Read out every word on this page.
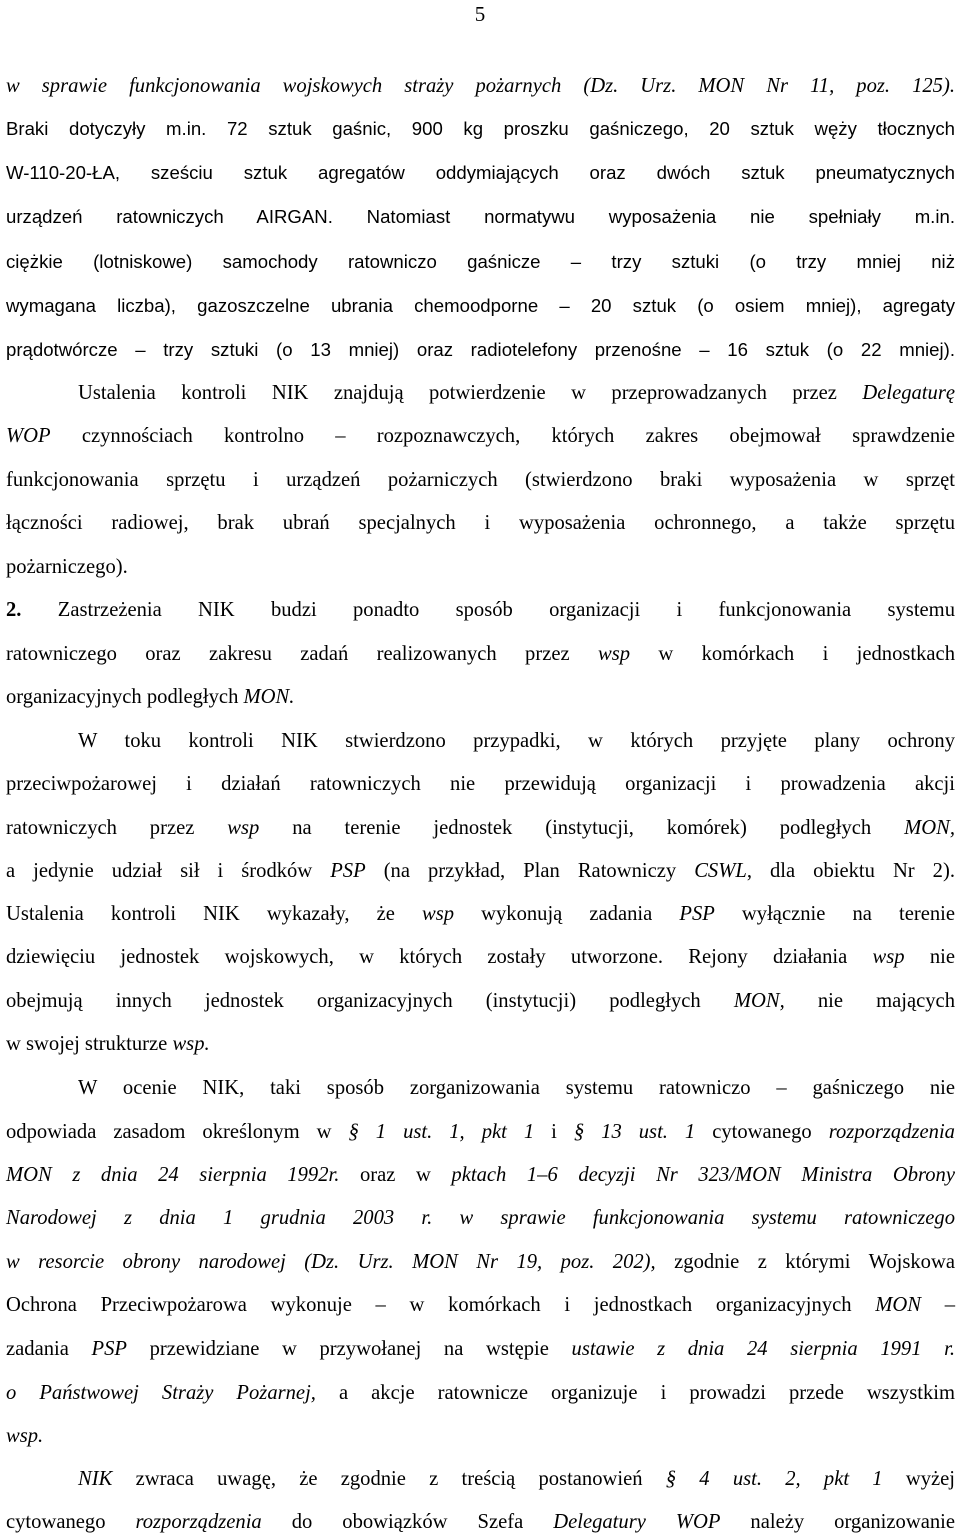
5
w sprawie funkcjonowania wojskowych straży pożarnych (Dz. Urz. MON Nr 11, poz. 125).
Braki dotyczyły m.in. 72 sztuk gaśnic, 900 kg proszku gaśniczego, 20 sztuk węży tłocznych
W-110-20-ŁA, sześciu sztuk agregatów oddymiających oraz dwóch sztuk pneumatycznych
urządzeń ratowniczych AIRGAN. Natomiast normatywu wyposażenia nie spełniały m.in.
ciężkie (lotniskowe) samochody ratowniczo gaśnicze – trzy sztuki (o trzy mniej niż
wymagana liczba), gazoszczelne ubrania chemoodporne – 20 sztuk (o osiem mniej), agregaty
prądotwórcze – trzy sztuki (o 13 mniej) oraz radiotelefony przenośne – 16 sztuk (o 22 mniej).
Ustalenia kontroli NIK znajdują potwierdzenie w przeprowadzanych przez Delegaturę
WOP czynnościach kontrolno – rozpoznawczych, których zakres obejmował sprawdzenie
funkcjonowania sprzętu i urządzeń pożarniczych (stwierdzono braki wyposażenia w sprzęt
łączności radiowej, brak ubrań specjalnych i wyposażenia ochronnego, a także sprzętu
pożarniczego).
2. Zastrzeżenia NIK budzi ponadto sposób organizacji i funkcjonowania systemu
ratowniczego oraz zakresu zadań realizowanych przez wsp w komórkach i jednostkach
organizacyjnych podległych MON.
W toku kontroli NIK stwierdzono przypadki, w których przyjęte plany ochrony
przeciwpożarowej i działań ratowniczych nie przewidują organizacji i prowadzenia akcji
ratowniczych przez wsp na terenie jednostek (instytucji, komórek) podległych MON,
a jedynie udział sił i środków PSP (na przykład, Plan Ratowniczy CSWL, dla obiektu Nr 2).
Ustalenia kontroli NIK wykazały, że wsp wykonują zadania PSP wyłącznie na terenie
dziewięciu jednostek wojskowych, w których zostały utworzone. Rejony działania wsp nie
obejmują innych jednostek organizacyjnych (instytucji) podległych MON, nie mających
w swojej strukturze wsp.
W ocenie NIK, taki sposób zorganizowania systemu ratowniczo – gaśniczego nie
odpowiada zasadom określonym w § 1 ust. 1, pkt 1 i § 13 ust. 1 cytowanego rozporządzenia
MON z dnia 24 sierpnia 1992r. oraz w pktach 1–6 decyzji Nr 323/MON Ministra Obrony
Narodowej z dnia 1 grudnia 2003 r. w sprawie funkcjonowania systemu ratowniczego
w resorcie obrony narodowej (Dz. Urz. MON Nr 19, poz. 202), zgodnie z którymi Wojskowa
Ochrona Przeciwpożarowa wykonuje – w komórkach i jednostkach organizacyjnych MON –
zadania PSP przewidziane w przywołanej na wstępie ustawie z dnia 24 sierpnia 1991 r.
o Państwowej Straży Pożarnej, a akcje ratownicze organizuje i prowadzi przede wszystkim
wsp.
NIK zwraca uwagę, że zgodnie z treścią postanowień § 4 ust. 2, pkt 1 wyżej
cytowanego rozporządzenia do obowiązków Szefa Delegatury WOP należy organizowanie
